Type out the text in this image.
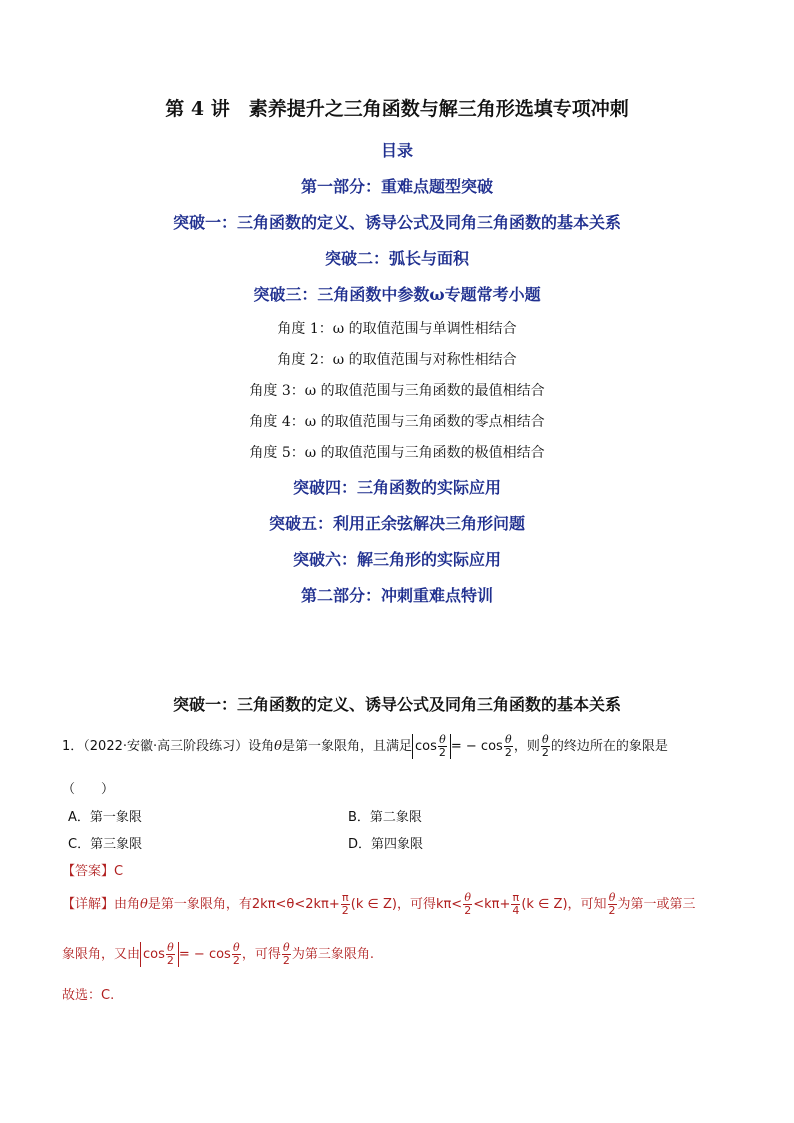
第 4 讲　素养提升之三角函数与解三角形选填专项冲刺
目录
第一部分：重难点题型突破
突破一：三角函数的定义、诱导公式及同角三角函数的基本关系
突破二：弧长与面积
突破三：三角函数中参数ω专题常考小题
角度 1：ω 的取值范围与单调性相结合
角度 2：ω 的取值范围与对称性相结合
角度 3：ω 的取值范围与三角函数的最值相结合
角度 4：ω 的取值范围与三角函数的零点相结合
角度 5：ω 的取值范围与三角函数的极值相结合
突破四：三角函数的实际应用
突破五：利用正余弦解决三角形问题
突破六：解三角形的实际应用
第二部分：冲刺重难点特训
突破一：三角函数的定义、诱导公式及同角三角函数的基本关系
1．（2022·安徽·高三阶段练习）设角θ是第一象限角，且满足 $\cos \frac{\theta}{2}$ = − $\cos \frac{\theta}{2}$ ，则 $\frac{\theta}{2}$ 的终边所在的象限是
（　　）
A．第一象限	B．第二象限
C．第三象限	D．第四象限
【答案】C
【详解】由角θ是第一象限角，有$2k\pi<\theta<2k\pi+ \frac{\pi}{2} (k$ ∈ Z)，可得$k\pi< \frac{\theta}{2} <k\pi+ \frac{\pi}{4} (k$ ∈ Z)，可知 $\frac{\theta}{2}$ 为第一或第三
象限角，又由 $\cos \frac{\theta}{2}$ = − $\cos \frac{\theta}{2}$ ，可得 $\frac{\theta}{2}$ 为第三象限角.
故选：C.
